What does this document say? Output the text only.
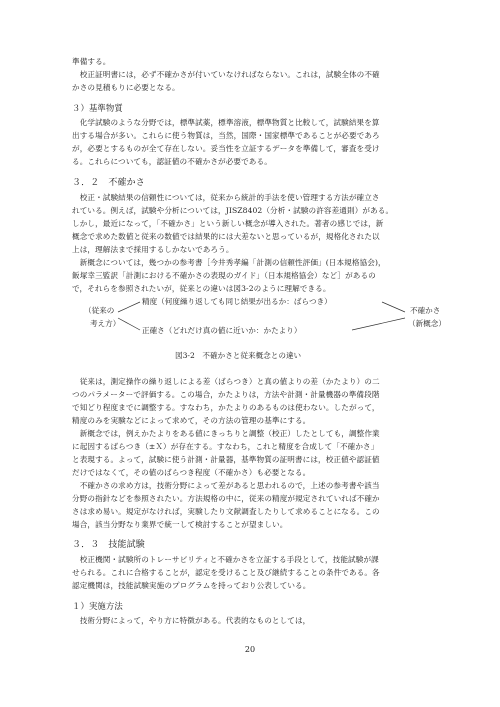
準備する。
　校正証明書には，必ず不確かさが付いていなければならない。これは，試験全体の不確
かさの見積もりに必要となる。
３）基準物質
　化学試験のような分野では，標準試薬，標準溶液，標準物質と比較して，試験結果を算
出する場合が多い。これらに使う物質は，当然，国際・国家標準であることが必要であろ
が，必要とするものが全て存在しない。妥当性を立証するデータを準備して，審査を受け
る。これらについても，認証値の不確かさが必要である。
３．２　不確かさ
　校正・試験結果の信頼性については，従来から統計的手法を使い管理する方法が確立さ
れている。例えば，試験や分析については，JISZ8402（分析・試験の許容差通則）がある。
しかし，最近になって，「不確かさ」という新しい概念が導入された。著者の感じでは，新
概念で求めた数値と従来の数値では結果的には大差ないと思っているが，規格化された以
上は，理解法まで採用するしかないであろう。
　新概念については，幾つかの参考書［今井秀孝編「計測の信頼性評価」(日本規格協会)，
飯塚幸三監訳「計測における不確かさの表現のガイド」（日本規格協会）など］があるの
で，それらを参照されたいが，従来との違いは図3-2のように理解できる。
（従来の
考え方）
精度（何度繰り返しても同じ結果が出るか：ばらつき）
正確さ（どれだけ真の値に近いか：かたより）
不確かさ
（新概念）
図3-2　不確かさと従来概念との違い
　従来は，測定操作の繰り返しによる差（ばらつき）と真の値よりの差（かたより）の二
つのパラメーターで評価する。この場合，かたよりは，方法や計測・計量機器の準備段階
で知どり程度までに調整する。すなわち，かたよりのあるものは使わない。したがって，
精度のみを実験などによって求めて，その方法の管理の基準にする。
　新概念では，例えかたよりをある値にきっちりと調整（校正）したとしても，調整作業
に起因するばらつき（±Ｘ）が存在する。すなわち，これと精度を合成して「不確かさ」
と表現する。よって，試験に使う計測・計量器，基準物質の証明書には，校正値や認証値
だけではなくて，その値のばらつき程度（不確かさ）も必要となる。
　不確かさの求め方は，技術分野によって差があると思われるので，上述の参考書や該当
分野の指針などを参照されたい。方法規格の中に，従来の精度が規定されていれば不確か
さは求め易い。規定がなければ，実験したり文献調査したりして求めることになる。この
場合，該当分野なり業界で統一して検討することが望ましい。
３．３　技能試験
　校正機関・試験所のトレーサビリティと不確かさを立証する手段として，技能試験が課
せられる。これに合格することが，認定を受けること及び継続することの条件である。各
認定機関は，技能試験実施のプログラムを持っており公表している。
１）実施方法
　技術分野によって，やり方に特徴がある。代表的なものとしては，
20
